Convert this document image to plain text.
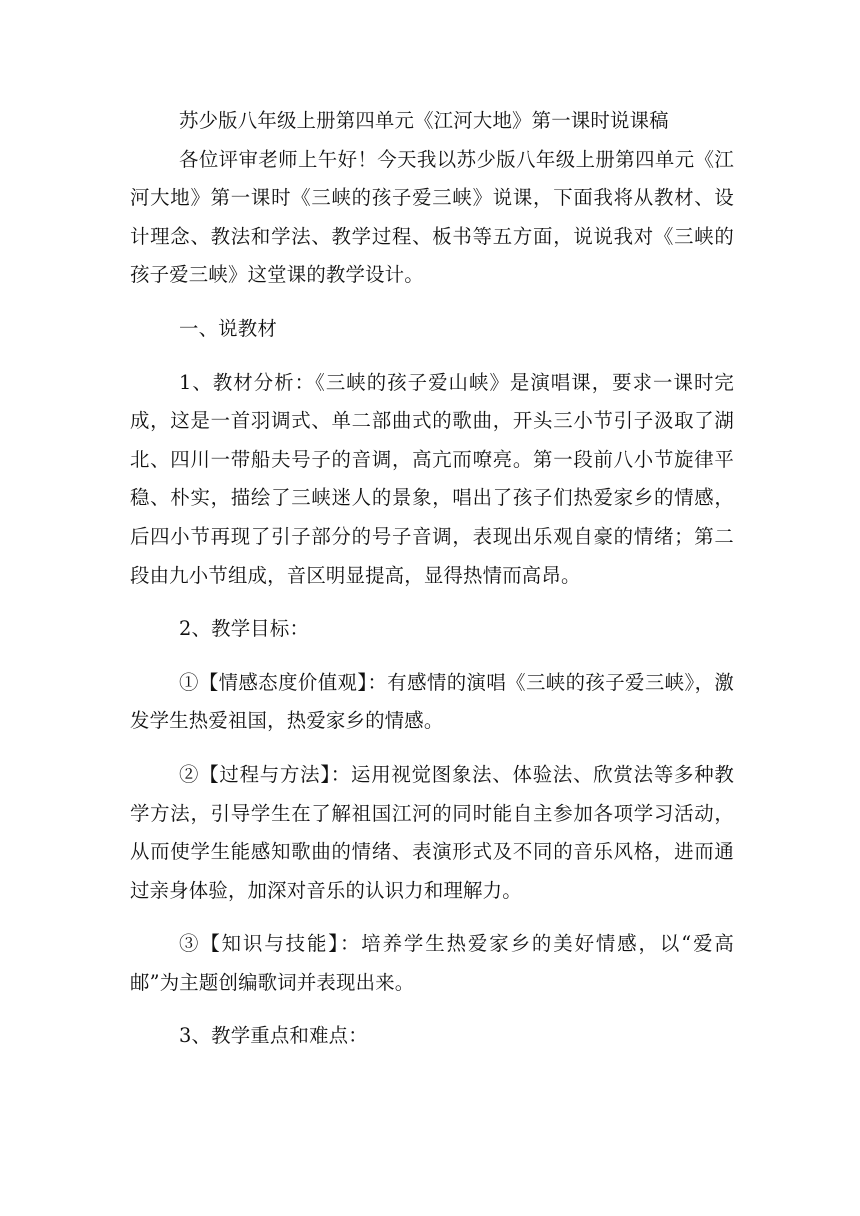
苏少版八年级上册第四单元《江河大地》第一课时说课稿

各位评审老师上午好！今天我以苏少版八年级上册第四单元《江河大地》第一课时《三峡的孩子爱三峡》说课，下面我将从教材、设计理念、教法和学法、教学过程、板书等五方面，说说我对《三峡的孩子爱三峡》这堂课的教学设计。

一、说教材

1、教材分析：《三峡的孩子爱山峡》是演唱课，要求一课时完成，这是一首羽调式、单二部曲式的歌曲，开头三小节引子汲取了湖北、四川一带船夫号子的音调，高亢而嘹亮。第一段前八小节旋律平稳、朴实，描绘了三峡迷人的景象，唱出了孩子们热爱家乡的情感，后四小节再现了引子部分的号子音调，表现出乐观自豪的情绪；第二段由九小节组成，音区明显提高，显得热情而高昂。

2、教学目标：

①【情感态度价值观】：有感情的演唱《三峡的孩子爱三峡》，激发学生热爱祖国，热爱家乡的情感。

②【过程与方法】：运用视觉图象法、体验法、欣赏法等多种教学方法，引导学生在了解祖国江河的同时能自主参加各项学习活动，从而使学生能感知歌曲的情绪、表演形式及不同的音乐风格，进而通过亲身体验，加深对音乐的认识力和理解力。

③【知识与技能】：培养学生热爱家乡的美好情感，以“爱高邮”为主题创编歌词并表现出来。

3、教学重点和难点：
